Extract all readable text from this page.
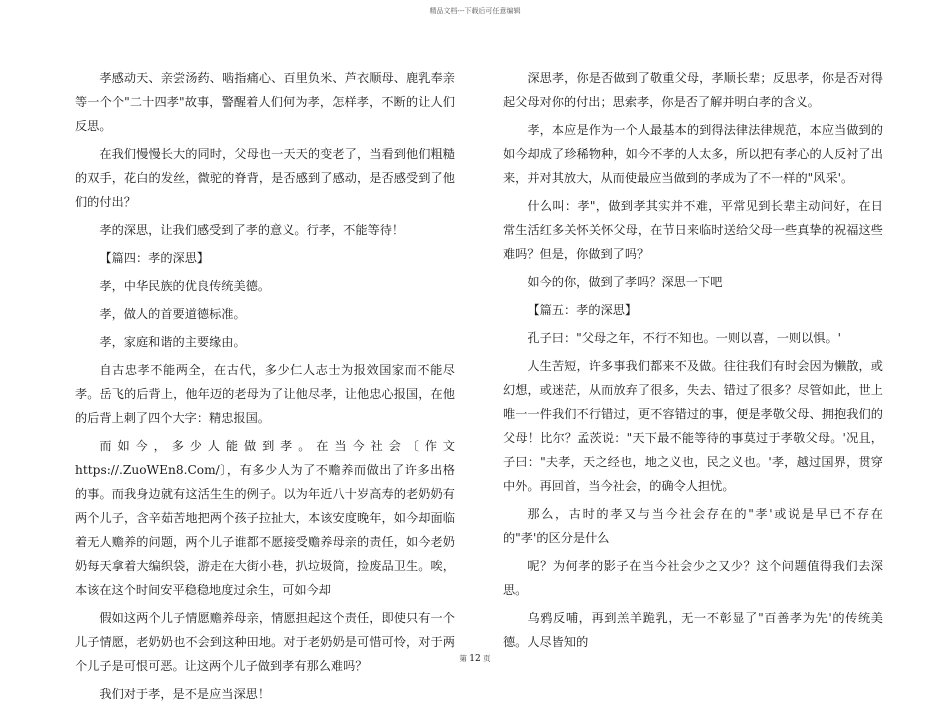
精品文档---下载后可任意编辑

孝感动天、亲尝汤药、啮指痛心、百里负米、芦衣顺母、鹿乳奉亲等一个个"二十四孝"故事，警醒着人们何为孝，怎样孝，不断的让人们反思。

在我们慢慢长大的同时，父母也一天天的变老了，当看到他们粗糙的双手，花白的发丝，微驼的脊背，是否感到了感动，是否感受到了他们的付出？

孝的深思，让我们感受到了孝的意义。行孝，不能等待！

【篇四：孝的深思】

孝，中华民族的优良传统美德。

孝，做人的首要道德标准。

孝，家庭和谐的主要缘由。

自古忠孝不能两全，在古代，多少仁人志士为报效国家而不能尽孝。岳飞的后背上，他年迈的老母为了让他尽孝，让他忠心报国，在他的后背上刺了四个大字：精忠报国。

而如今，多少人能做到孝。在当今社会〔作文https://.ZuoWEn8.Com/〕，有多少人为了不赡养而做出了许多出格的事。而我身边就有这活生生的例子。以为年近八十岁高寿的老奶奶有两个儿子，含辛茹苦地把两个孩子拉扯大，本该安度晚年，如今却面临着无人赡养的问题，两个儿子谁都不愿接受赡养母亲的责任，如今老奶奶每天拿着大编织袋，游走在大街小巷，扒垃圾筒，捡废品卫生。唉，本该在这个时间安平稳稳地度过余生，可如今却

假如这两个儿子情愿赡养母亲，情愿担起这个责任，即使只有一个儿子情愿，老奶奶也不会到这种田地。对于老奶奶是可惜可怜，对于两个儿子是可恨可恶。让这两个儿子做到孝有那么难吗？

我们对于孝，是不是应当深思！

深思孝，你是否做到了敬重父母，孝顺长辈；反思孝，你是否对得起父母对你的付出；思索孝，你是否了解并明白孝的含义。

孝，本应是作为一个人最基本的到得法律法律规范，本应当做到的如今却成了珍稀物种，如今不孝的人太多，所以把有孝心的人反衬了出来，并对其放大，从而使最应当做到的孝成为了不一样的"风采'。

什么叫：孝"，做到孝其实并不难，平常见到长辈主动问好，在日常生活红多关怀关怀父母，在节日来临时送给父母一些真挚的祝福这些难吗？但是，你做到了吗？

如今的你，做到了孝吗？深思一下吧

【篇五：孝的深思】

孔子曰："父母之年，不行不知也。一则以喜，一则以惧。'

人生苦短，许多事我们都来不及做。往往我们有时会因为懒散，或幻想，或迷茫，从而放弃了很多，失去、错过了很多？尽管如此，世上唯一一件我们不行错过，更不容错过的事，便是孝敬父母、拥抱我们的父母！比尔？孟茨说："天下最不能等待的事莫过于孝敬父母。'况且，子曰："夫孝，天之经也，地之义也，民之义也。'孝，越过国界，贯穿中外。再回首，当今社会，的确令人担忧。

那么，古时的孝又与当今社会存在的"孝'或说是早已不存在的"孝'的区分是什么

呢？为何孝的影子在当今社会少之又少？这个问题值得我们去深思。

乌鸦反哺，再到羔羊跪乳，无一不彰显了"百善孝为先'的传统美德。人尽皆知的

第 12 页
